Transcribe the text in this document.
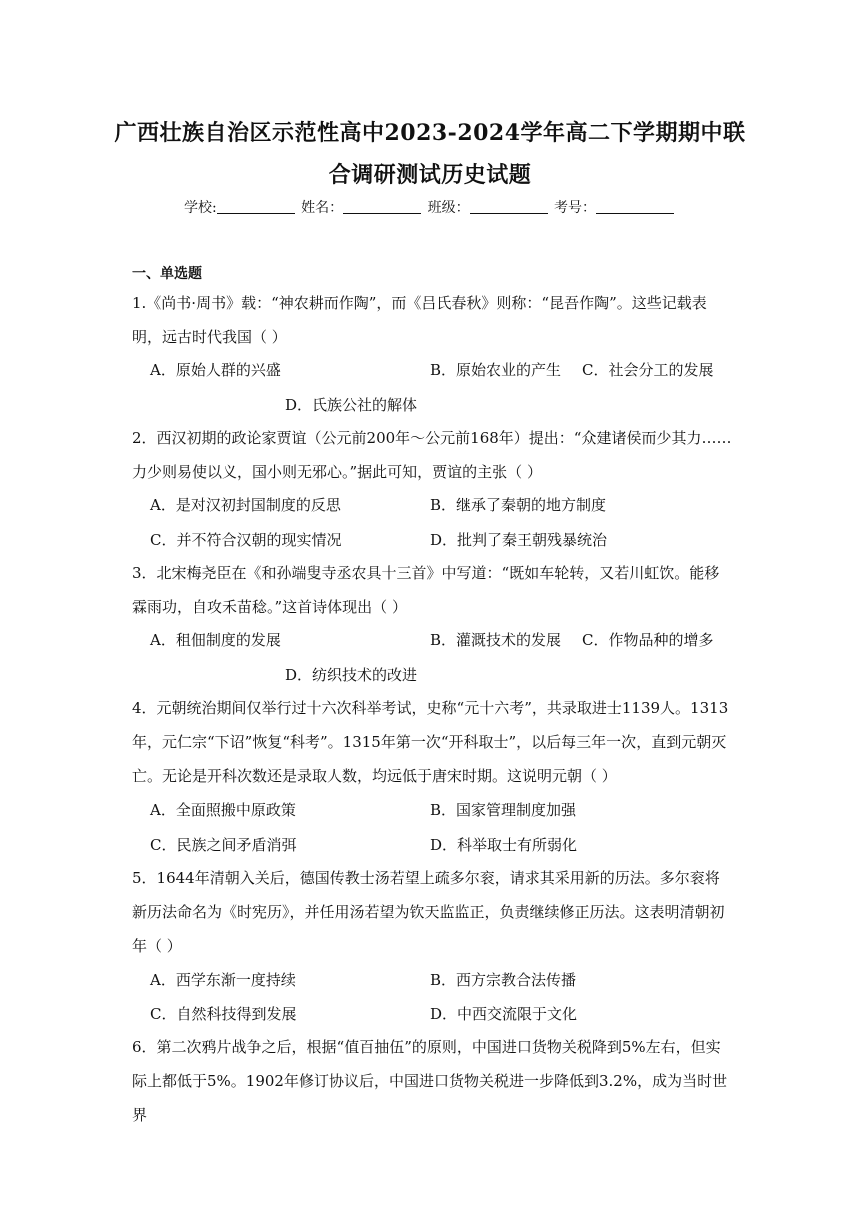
广西壮族自治区示范性高中2023-2024学年高二下学期期中联
合调研测试历史试题
学校:	姓名：	班级：	考号：
一、单选题
1.《尚书·周书》载：“神农耕而作陶”，而《吕氏春秋》则称：“昆吾作陶”。这些记载表明，远古时代我国（ ）
A．原始人群的兴盛	B．原始农业的产生 C．社会分工的发展
D．氏族公社的解体
2．西汉初期的政论家贾谊（公元前200年～公元前168年）提出：“众建诸侯而少其力……力少则易使以义，国小则无邪心。”据此可知，贾谊的主张（ ）
A．是对汉初封国制度的反思	B．继承了秦朝的地方制度
C．并不符合汉朝的现实情况	D．批判了秦王朝残暴统治
3．北宋梅尧臣在《和孙端叟寺丞农具十三首》中写道：“既如车轮转，又若川虹饮。能移霖雨功，自攻禾苗稔。”这首诗体现出（ ）
A．租佃制度的发展	B．灌溉技术的发展 C．作物品种的增多
D．纺织技术的改进
4．元朝统治期间仅举行过十六次科举考试，史称“元十六考”，共录取进士1139人。1313年，元仁宗“下诏”恢复“科考”。1315年第一次“开科取士”，以后每三年一次，直到元朝灭亡。无论是开科次数还是录取人数，均远低于唐宋时期。这说明元朝（ ）
A．全面照搬中原政策	B．国家管理制度加强
C．民族之间矛盾消弭	D．科举取士有所弱化
5．1644年清朝入关后，德国传教士汤若望上疏多尔衮，请求其采用新的历法。多尔衮将新历法命名为《时宪历》，并任用汤若望为钦天监监正，负责继续修正历法。这表明清朝初年（ ）
A．西学东渐一度持续	B．西方宗教合法传播
C．自然科技得到发展	D．中西交流限于文化
6．第二次鸦片战争之后，根据“值百抽伍”的原则，中国进口货物关税降到5%左右，但实际上都低于5%。1902年修订协议后，中国进口货物关税进一步降低到3.2%，成为当时世界
